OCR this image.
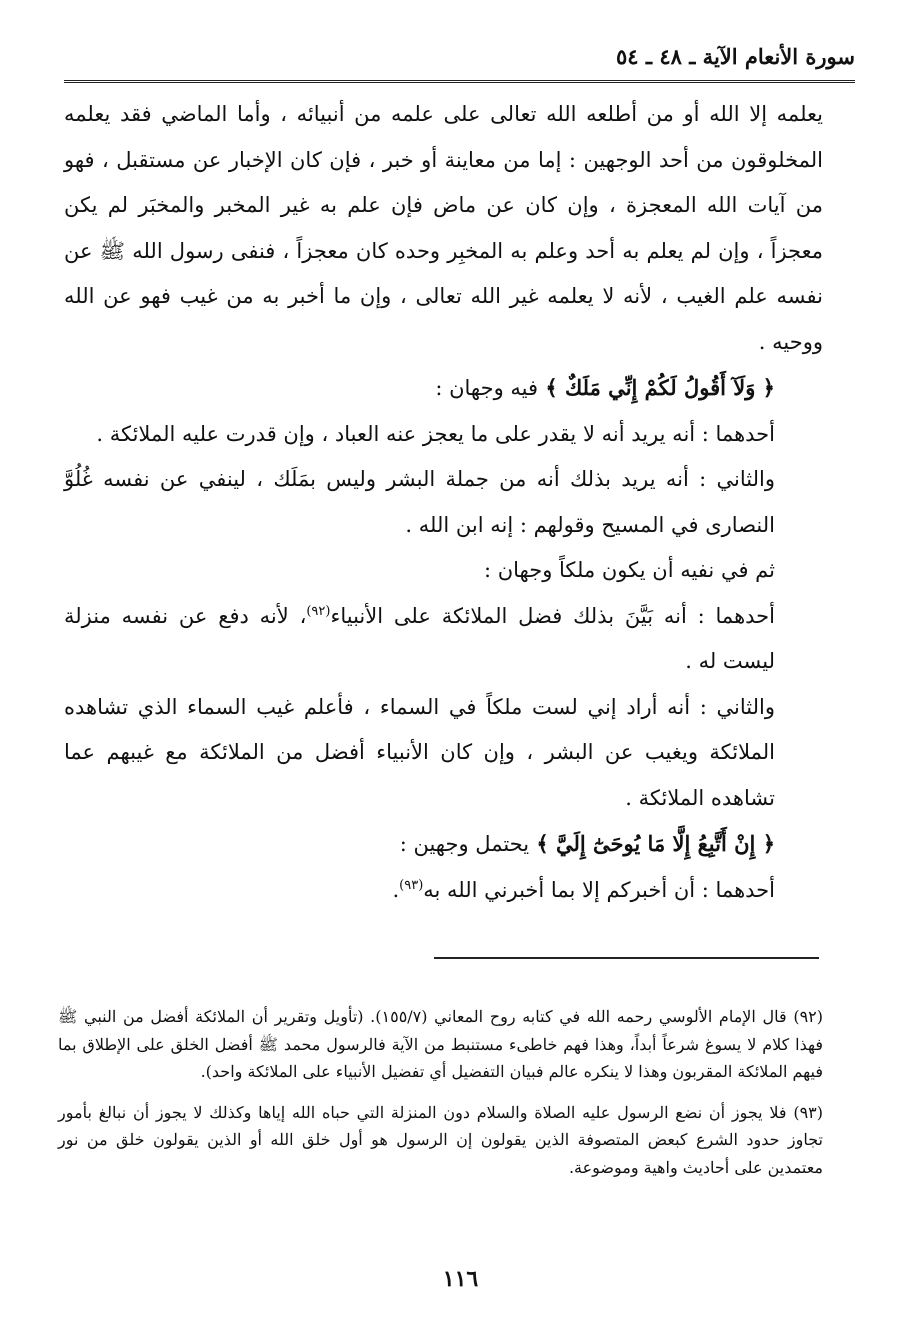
سورة الأنعام الآية ـ ٤٨ ـ ٥٤

يعلمه إلا الله أو من أطلعه الله تعالى على علمه من أنبيائه ، وأما الماضي فقد يعلمه المخلوقون من أحد الوجهين : إما من معاينة أو خبر ، فإن كان الإخبار عن مستقبل ، فهو من آيات الله المعجزة ، وإن كان عن ماض فإن علم به غير المخبر والمخبَر لم يكن معجزاً ، وإن لم يعلم به أحد وعلم به المخبِر وحده كان معجزاً ، فنفى رسول الله ﷺ عن نفسه علم الغيب ، لأنه لا يعلمه غير الله تعالى ، وإن ما أخبر به من غيب فهو عن الله ووحيه .

﴿ وَلَآ أَقُولُ لَكُمْ إِنِّي مَلَكٌ ﴾ فيه وجهان :

أحدهما : أنه يريد أنه لا يقدر على ما يعجز عنه العباد ، وإن قدرت عليه الملائكة .

والثاني : أنه يريد بذلك أنه من جملة البشر وليس بمَلَك ، لينفي عن نفسه غُلُوَّ النصارى في المسيح وقولهم : إنه ابن الله .

ثم في نفيه أن يكون ملكاً وجهان :

أحدهما : أنه بَيَّنَ بذلك فضل الملائكة على الأنبياء$^{(٩٢)}$، لأنه دفع عن نفسه منزلة ليست له .

والثاني : أنه أراد إني لست ملكاً في السماء ، فأعلم غيب السماء الذي تشاهده الملائكة ويغيب عن البشر ، وإن كان الأنبياء أفضل من الملائكة مع غيبهم عما تشاهده الملائكة .

﴿ إِنْ أَتَّبِعُ إِلَّا مَا يُوحَىٰٓ إِلَيَّ ﴾ يحتمل وجهين :

أحدهما : أن أخبركم إلا بما أخبرني الله به$^{(٩٣)}$.

(٩٢) قال الإمام الألوسي رحمه الله في كتابه روح المعاني (١٥٥/٧). (تأويل وتقرير أن الملائكة أفضل من النبي ﷺ فهذا كلام لا يسوغ شرعاً أبداً، وهذا فهم خاطىء مستنبط من الآية فالرسول محمد ﷺ أفضل الخلق على الإطلاق بما فيهم الملائكة المقربون وهذا لا ينكره عالم فبيان التفضيل أي تفضيل الأنبياء على الملائكة واحد).

(٩٣) فلا يجوز أن نضع الرسول عليه الصلاة والسلام دون المنزلة التي حباه الله إياها وكذلك لا يجوز أن نبالغ بأمور تجاوز حدود الشرع كبعض المتصوفة الذين يقولون إن الرسول هو أول خلق الله أو الذين يقولون خلق من نور معتمدين على أحاديث واهية وموضوعة.

١١٦
